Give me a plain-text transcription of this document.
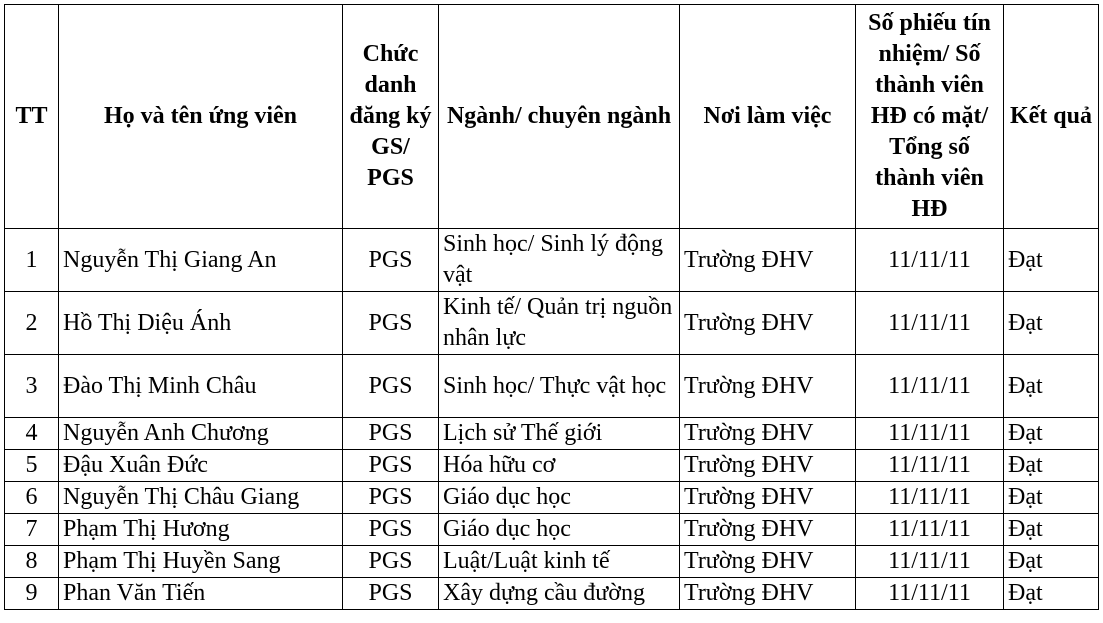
TT	Họ và tên ứng viên	Chức danh đăng ký GS/ PGS	Ngành/ chuyên ngành	Nơi làm việc	Số phiếu tín nhiệm/ Số thành viên HĐ có mặt/ Tổng số thành viên HĐ	Kết quả
1	Nguyễn Thị Giang An	PGS	Sinh học/ Sinh lý động vật	Trường ĐHV	11/11/11	Đạt
2	Hồ Thị Diệu Ánh	PGS	Kinh tế/ Quản trị nguồn nhân lực	Trường ĐHV	11/11/11	Đạt
3	Đào Thị Minh Châu	PGS	Sinh học/ Thực vật học	Trường ĐHV	11/11/11	Đạt
4	Nguyễn Anh Chương	PGS	Lịch sử Thế giới	Trường ĐHV	11/11/11	Đạt
5	Đậu Xuân Đức	PGS	Hóa hữu cơ	Trường ĐHV	11/11/11	Đạt
6	Nguyễn Thị Châu Giang	PGS	Giáo dục học	Trường ĐHV	11/11/11	Đạt
7	Phạm Thị Hương	PGS	Giáo dục học	Trường ĐHV	11/11/11	Đạt
8	Phạm Thị Huyền Sang	PGS	Luật/Luật kinh tế	Trường ĐHV	11/11/11	Đạt
9	Phan Văn Tiến	PGS	Xây dựng cầu đường	Trường ĐHV	11/11/11	Đạt
